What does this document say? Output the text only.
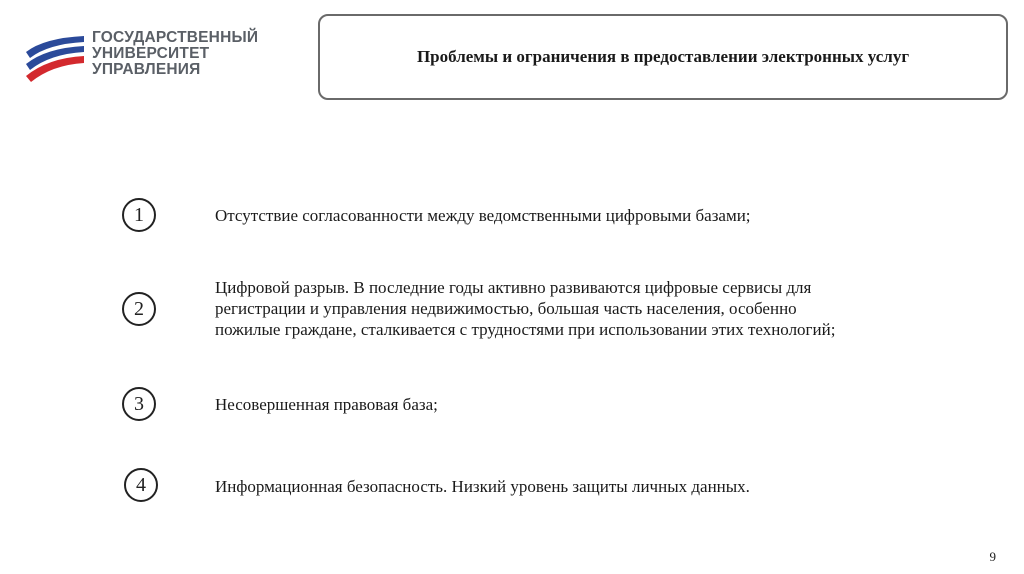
ГОСУДАРСТВЕННЫЙ
УНИВЕРСИТЕТ
УПРАВЛЕНИЯ
Проблемы и ограничения в предоставлении электронных услуг
1	Отсутствие согласованности между ведомственными цифровыми базами;
2
Цифровой разрыв. В последние годы активно развиваются цифровые сервисы для
регистрации и управления недвижимостью, большая часть населения, особенно
пожилые граждане, сталкивается с трудностями при использовании этих технологий;
3	Несовершенная правовая база;
4	Информационная безопасность. Низкий уровень защиты личных данных.
9
